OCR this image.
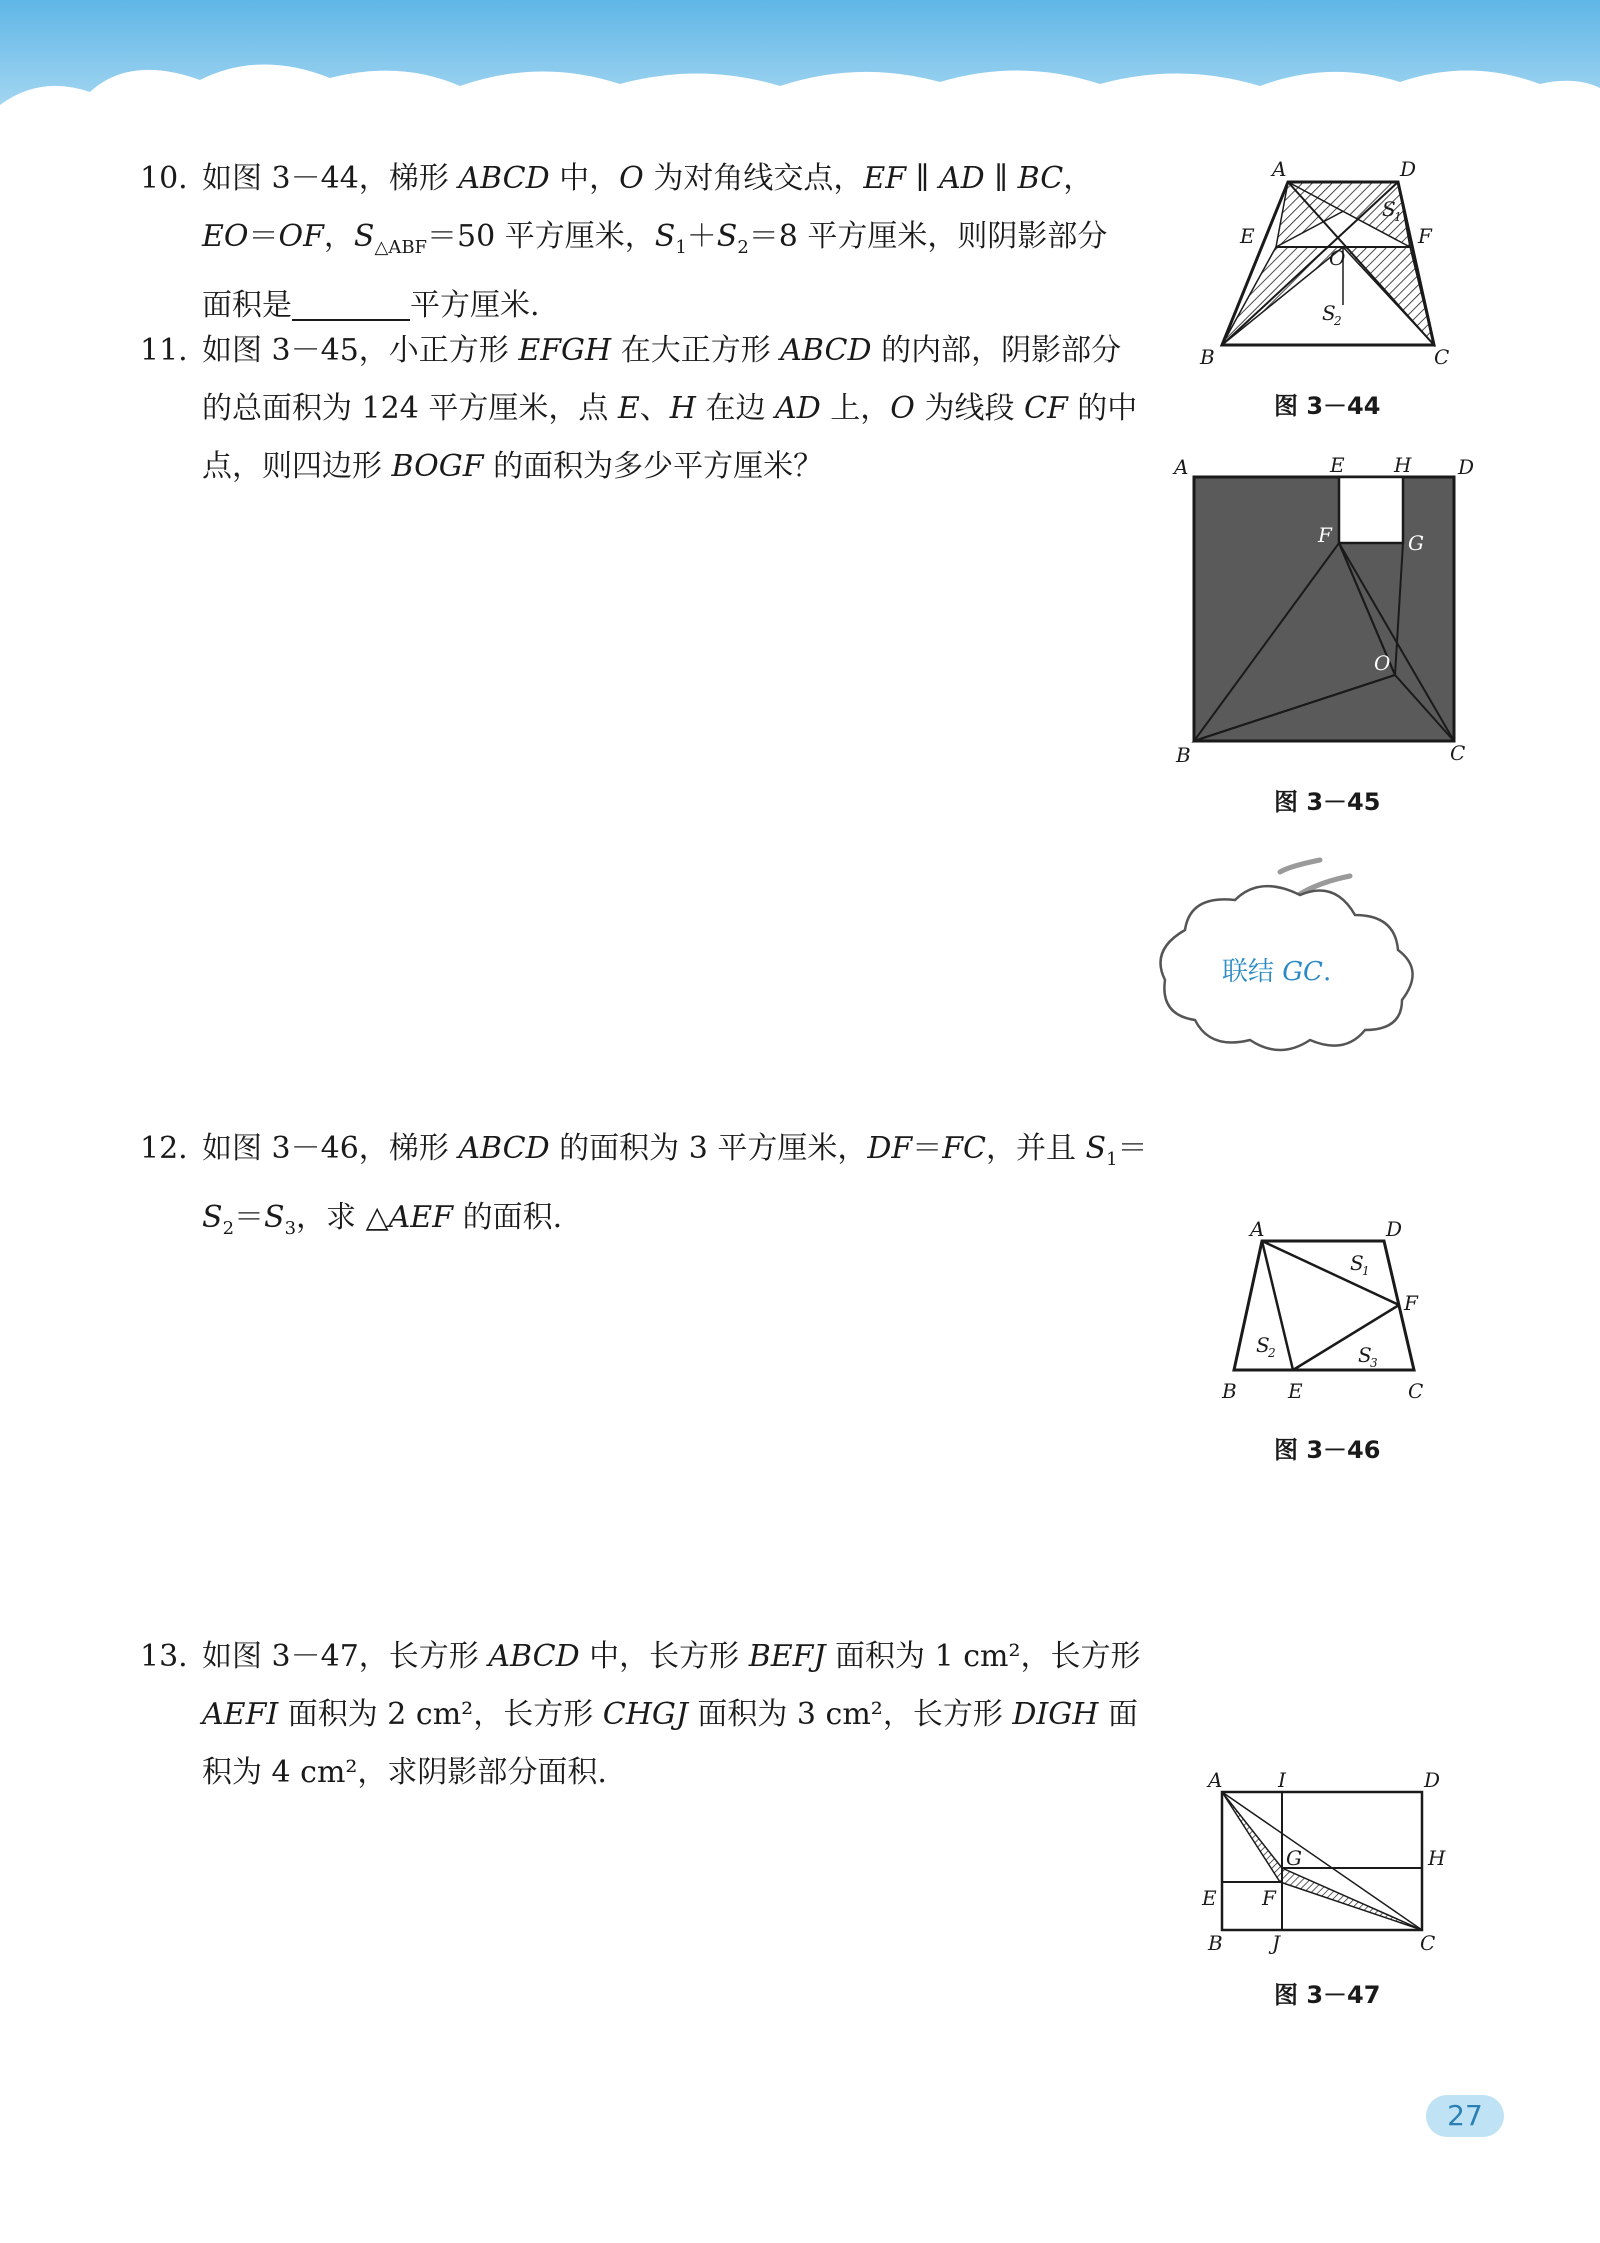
10. 如图 3－44，梯形 ABCD 中，O 为对角线交点，EF ∥ AD ∥ BC，
EO＝OF，$S_{\triangle ABF}=50$ 平方厘米，$S_1+S_2=8$ 平方厘米，则阴影部分
面积是	平方厘米.
11. 如图 3－45，小正方形 EFGH 在大正方形 ABCD 的内部，阴影部分
的总面积为 124 平方厘米，点 E、H 在边 AD 上，O 为线段 CF 的中
点，则四边形 BOGF 的面积为多少平方厘米？
12. 如图 3－46，梯形 ABCD 的面积为 3 平方厘米，DF＝FC，并且 $S_1=$
$S_2=S_3$，求 △AEF 的面积.
13. 如图 3－47，长方形 ABCD 中，长方形 BEFJ 面积为 1 cm²，长方形
AEFI 面积为 2 cm²，长方形 CHGJ 面积为 3 cm²，长方形 DIGH 面
积为 4 cm²，求阴影部分面积.
A	D
E	F
O
S
1
S
2
B	C
图 3－44
A	E H D
F	G
O
B	C
图 3－45
联结 GC.
A	D
F
S
1
S
2	S
3
B	E	C
图 3－46
A	I	D
G	H
E F
B J	C
图 3－47
27
